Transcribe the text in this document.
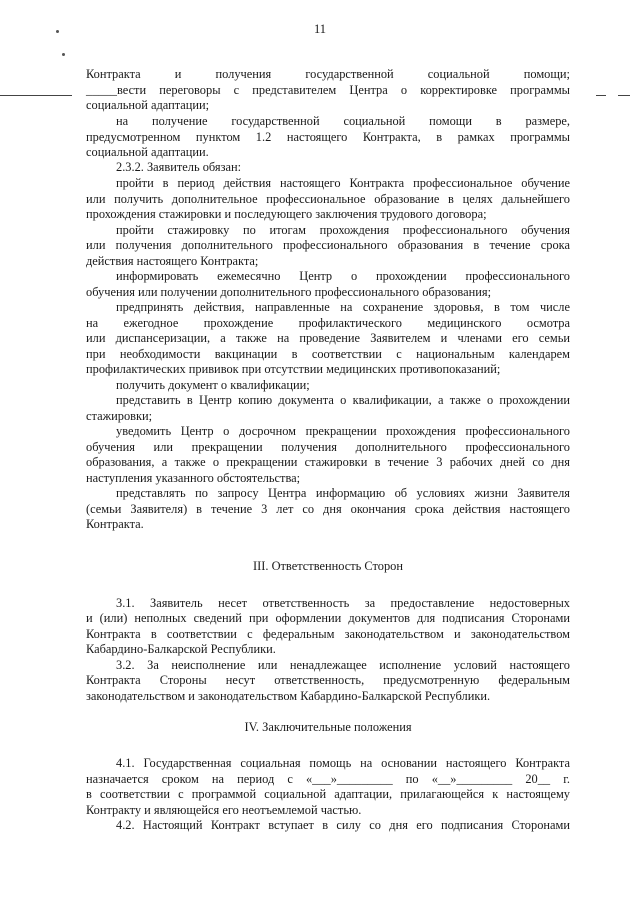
11
Контракта и получения государственной социальной помощи;
_____вести переговоры с представителем Центра о корректировке программы
социальной адаптации;
на получение государственной социальной помощи в размере,
предусмотренном пунктом 1.2 настоящего Контракта, в рамках программы
социальной адаптации.
2.3.2. Заявитель обязан:
пройти в период действия настоящего Контракта профессиональное обучение
или получить дополнительное профессиональное образование в целях дальнейшего
прохождения стажировки и последующего заключения трудового договора;
пройти стажировку по итогам прохождения профессионального обучения
или получения дополнительного профессионального образования в течение срока
действия настоящего Контракта;
информировать ежемесячно Центр о прохождении профессионального
обучения или получении дополнительного профессионального образования;
предпринять действия, направленные на сохранение здоровья, в том числе
на ежегодное прохождение профилактического медицинского осмотра
или диспансеризации, а также на проведение Заявителем и членами его семьи
при необходимости вакцинации в соответствии с национальным календарем
профилактических прививок при отсутствии медицинских противопоказаний;
получить документ о квалификации;
представить в Центр копию документа о квалификации, а также о прохождении
стажировки;
уведомить Центр о досрочном прекращении прохождения профессионального
обучения или прекращении получения дополнительного профессионального
образования, а также о прекращении стажировки в течение 3 рабочих дней со дня
наступления указанного обстоятельства;
представлять по запросу Центра информацию об условиях жизни Заявителя
(семьи Заявителя) в течение 3 лет со дня окончания срока действия настоящего
Контракта.
III. Ответственность Сторон
3.1. Заявитель несет ответственность за предоставление недостоверных
и (или) неполных сведений при оформлении документов для подписания Сторонами
Контракта в соответствии с федеральным законодательством и законодательством
Кабардино-Балкарской Республики.
3.2. За неисполнение или ненадлежащее исполнение условий настоящего
Контракта Стороны несут ответственность, предусмотренную федеральным
законодательством и законодательством Кабардино-Балкарской Республики.
IV. Заключительные положения
4.1. Государственная социальная помощь на основании настоящего Контракта
назначается сроком на период с «___»_________ по «__»_________ 20__ г.
в соответствии с программой социальной адаптации, прилагающейся к настоящему
Контракту и являющейся его неотъемлемой частью.
4.2. Настоящий Контракт вступает в силу со дня его подписания Сторонами
